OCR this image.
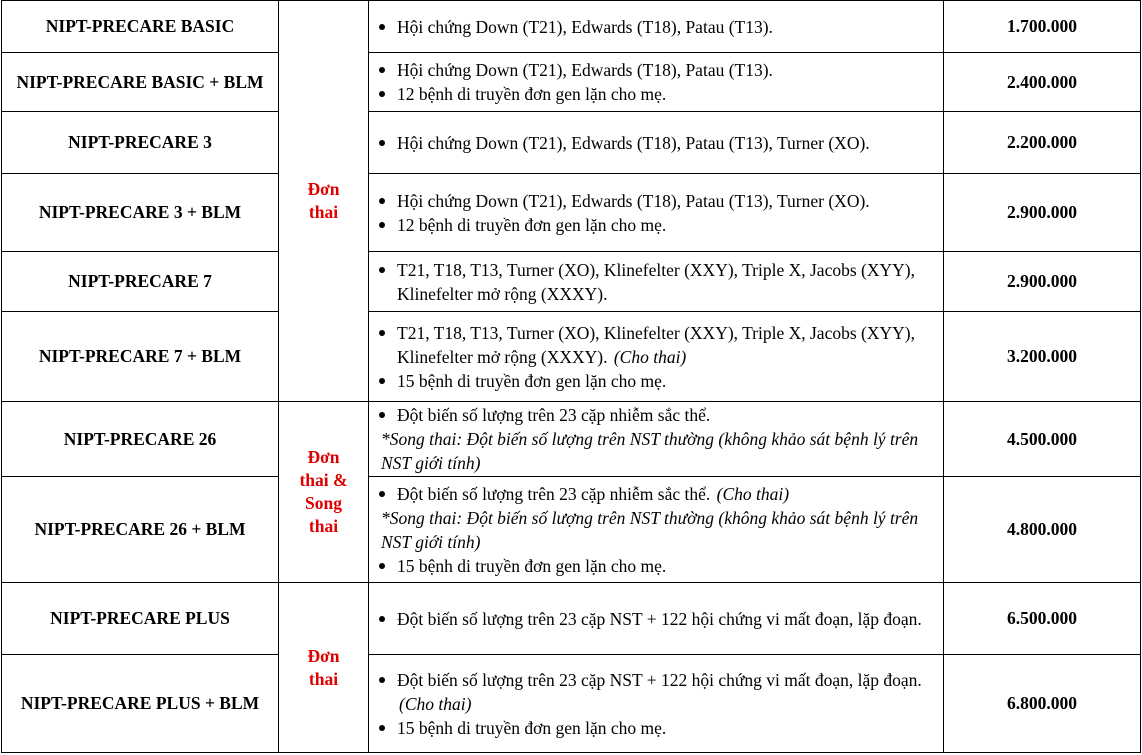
NIPT-PRECARE BASIC	Đơn thai	Hội chứng Down (T21), Edwards (T18), Patau (T13).	1.700.000
NIPT-PRECARE BASIC + BLM		Hội chứng Down (T21), Edwards (T18), Patau (T13).
12 bệnh di truyền đơn gen lặn cho mẹ.	2.400.000
NIPT-PRECARE 3		Hội chứng Down (T21), Edwards (T18), Patau (T13), Turner (XO).	2.200.000
NIPT-PRECARE 3 + BLM		Hội chứng Down (T21), Edwards (T18), Patau (T13), Turner (XO).
12 bệnh di truyền đơn gen lặn cho mẹ.	2.900.000
NIPT-PRECARE 7		T21, T18, T13, Turner (XO), Klinefelter (XXY), Triple X, Jacobs (XYY), Klinefelter mở rộng (XXXY).	2.900.000
NIPT-PRECARE 7 + BLM		T21, T18, T13, Turner (XO), Klinefelter (XXY), Triple X, Jacobs (XYY), Klinefelter mở rộng (XXXY). (Cho thai)
15 bệnh di truyền đơn gen lặn cho mẹ.	3.200.000
NIPT-PRECARE 26	Đơn thai & Song thai	Đột biến số lượng trên 23 cặp nhiễm sắc thể.
*Song thai: Đột biến số lượng trên NST thường (không khảo sát bệnh lý trên NST giới tính)	4.500.000
NIPT-PRECARE 26 + BLM		Đột biến số lượng trên 23 cặp nhiễm sắc thể. (Cho thai)
*Song thai: Đột biến số lượng trên NST thường (không khảo sát bệnh lý trên NST giới tính)
15 bệnh di truyền đơn gen lặn cho mẹ.	4.800.000
NIPT-PRECARE PLUS	Đơn thai	Đột biến số lượng trên 23 cặp NST + 122 hội chứng vi mất đoạn, lặp đoạn.	6.500.000
NIPT-PRECARE PLUS + BLM		Đột biến số lượng trên 23 cặp NST + 122 hội chứng vi mất đoạn, lặp đoạn. (Cho thai)
15 bệnh di truyền đơn gen lặn cho mẹ.	6.800.000
